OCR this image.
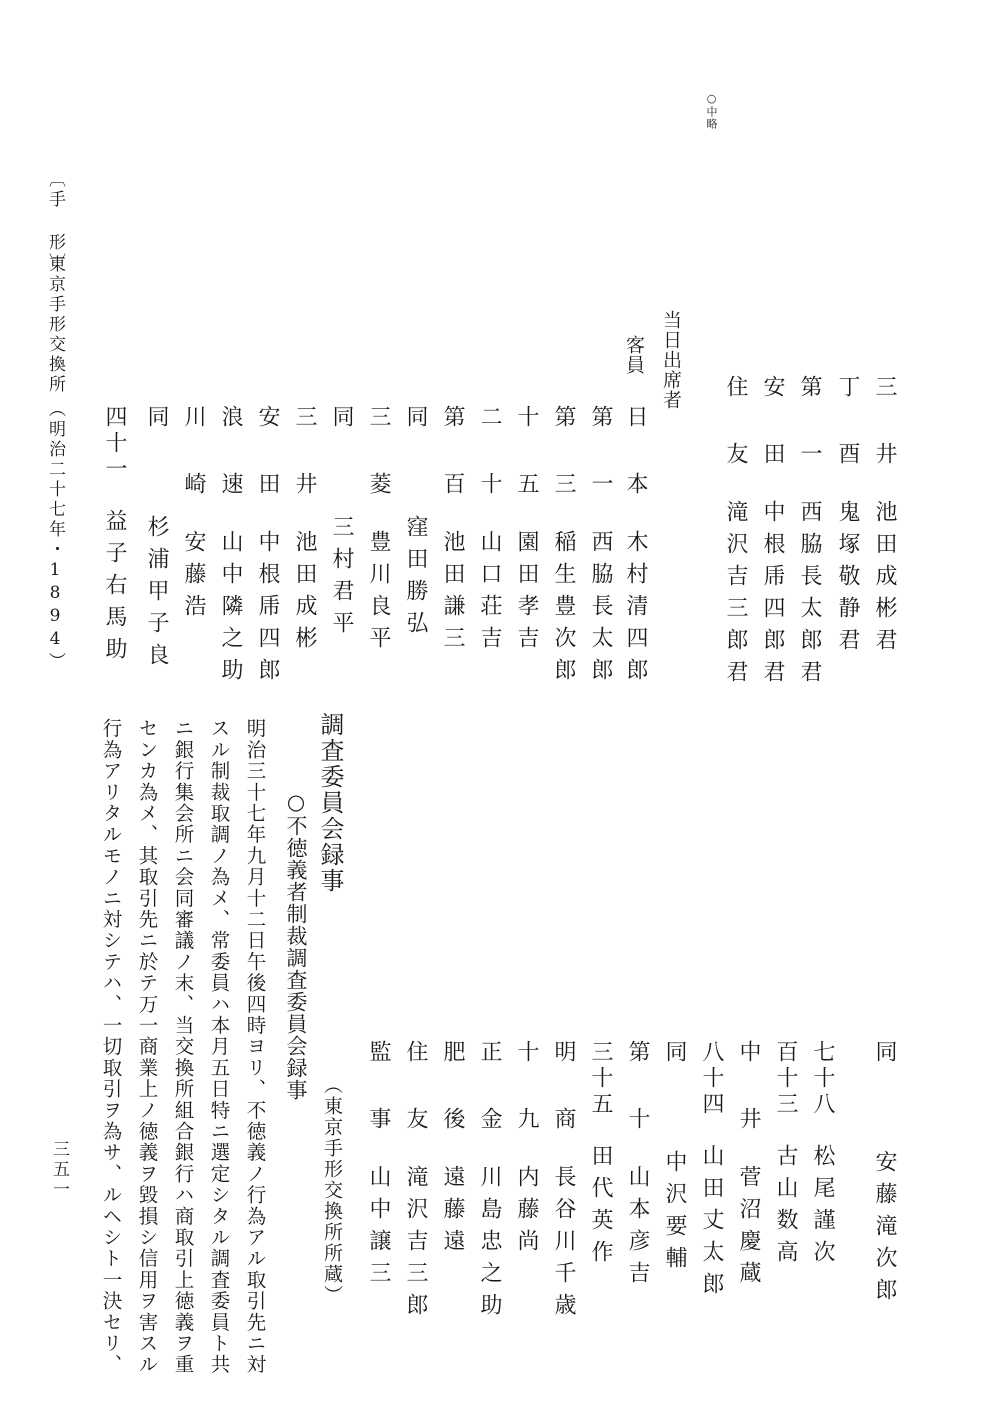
〔手 形〕
東京手形交換所
（明治二十七年・1894）
三五一
○中略
三 井池田成彬君
丁 酉鬼塚敬静君
第 一西脇長太郎君
安 田中根乕四郎君
住 友滝沢吉三郎君
当日出席者
客員
日 本木村清四郎
第 一西脇長太郎
第 三稲生豊次郎
十 五園田孝吉
二 十山口荘吉
第 百池田謙三
同窪田勝弘
三 菱豊川良平
同三村君平
三 井池田成彬
安 田中根乕四郎
浪 速山中隣之助
川 崎安藤浩
同杉浦甲子良
四十一益子右馬助
同安藤滝次郎
七十八松尾謹次
百十三古山数高
中 井菅沼慶蔵
八十四山田丈太郎
同中沢要輔
第 十山本彦吉
三十五田代英作
明 商長谷川千歳
十 九内藤尚
正 金川島忠之助
肥 後遠藤遠
住 友滝沢吉三郎
監 事山中譲三
（東京手形交換所所蔵）
調査委員会録事
○不徳義者制裁調査委員会録事
明治三十七年九月十二日午後四時ヨリ、不徳義ノ行為アル取引先ニ対
スル制裁取調ノ為メ、常委員ハ本月五日特ニ選定シタル調査委員ト共
ニ銀行集会所ニ会同審議ノ末、当交換所組合銀行ハ商取引上徳義ヲ重
センカ為メ、其取引先ニ於テ万一商業上ノ徳義ヲ毀損シ信用ヲ害スル
行為アリタルモノニ対シテハ、一切取引ヲ為サ、ルヘシト一決セリ、
